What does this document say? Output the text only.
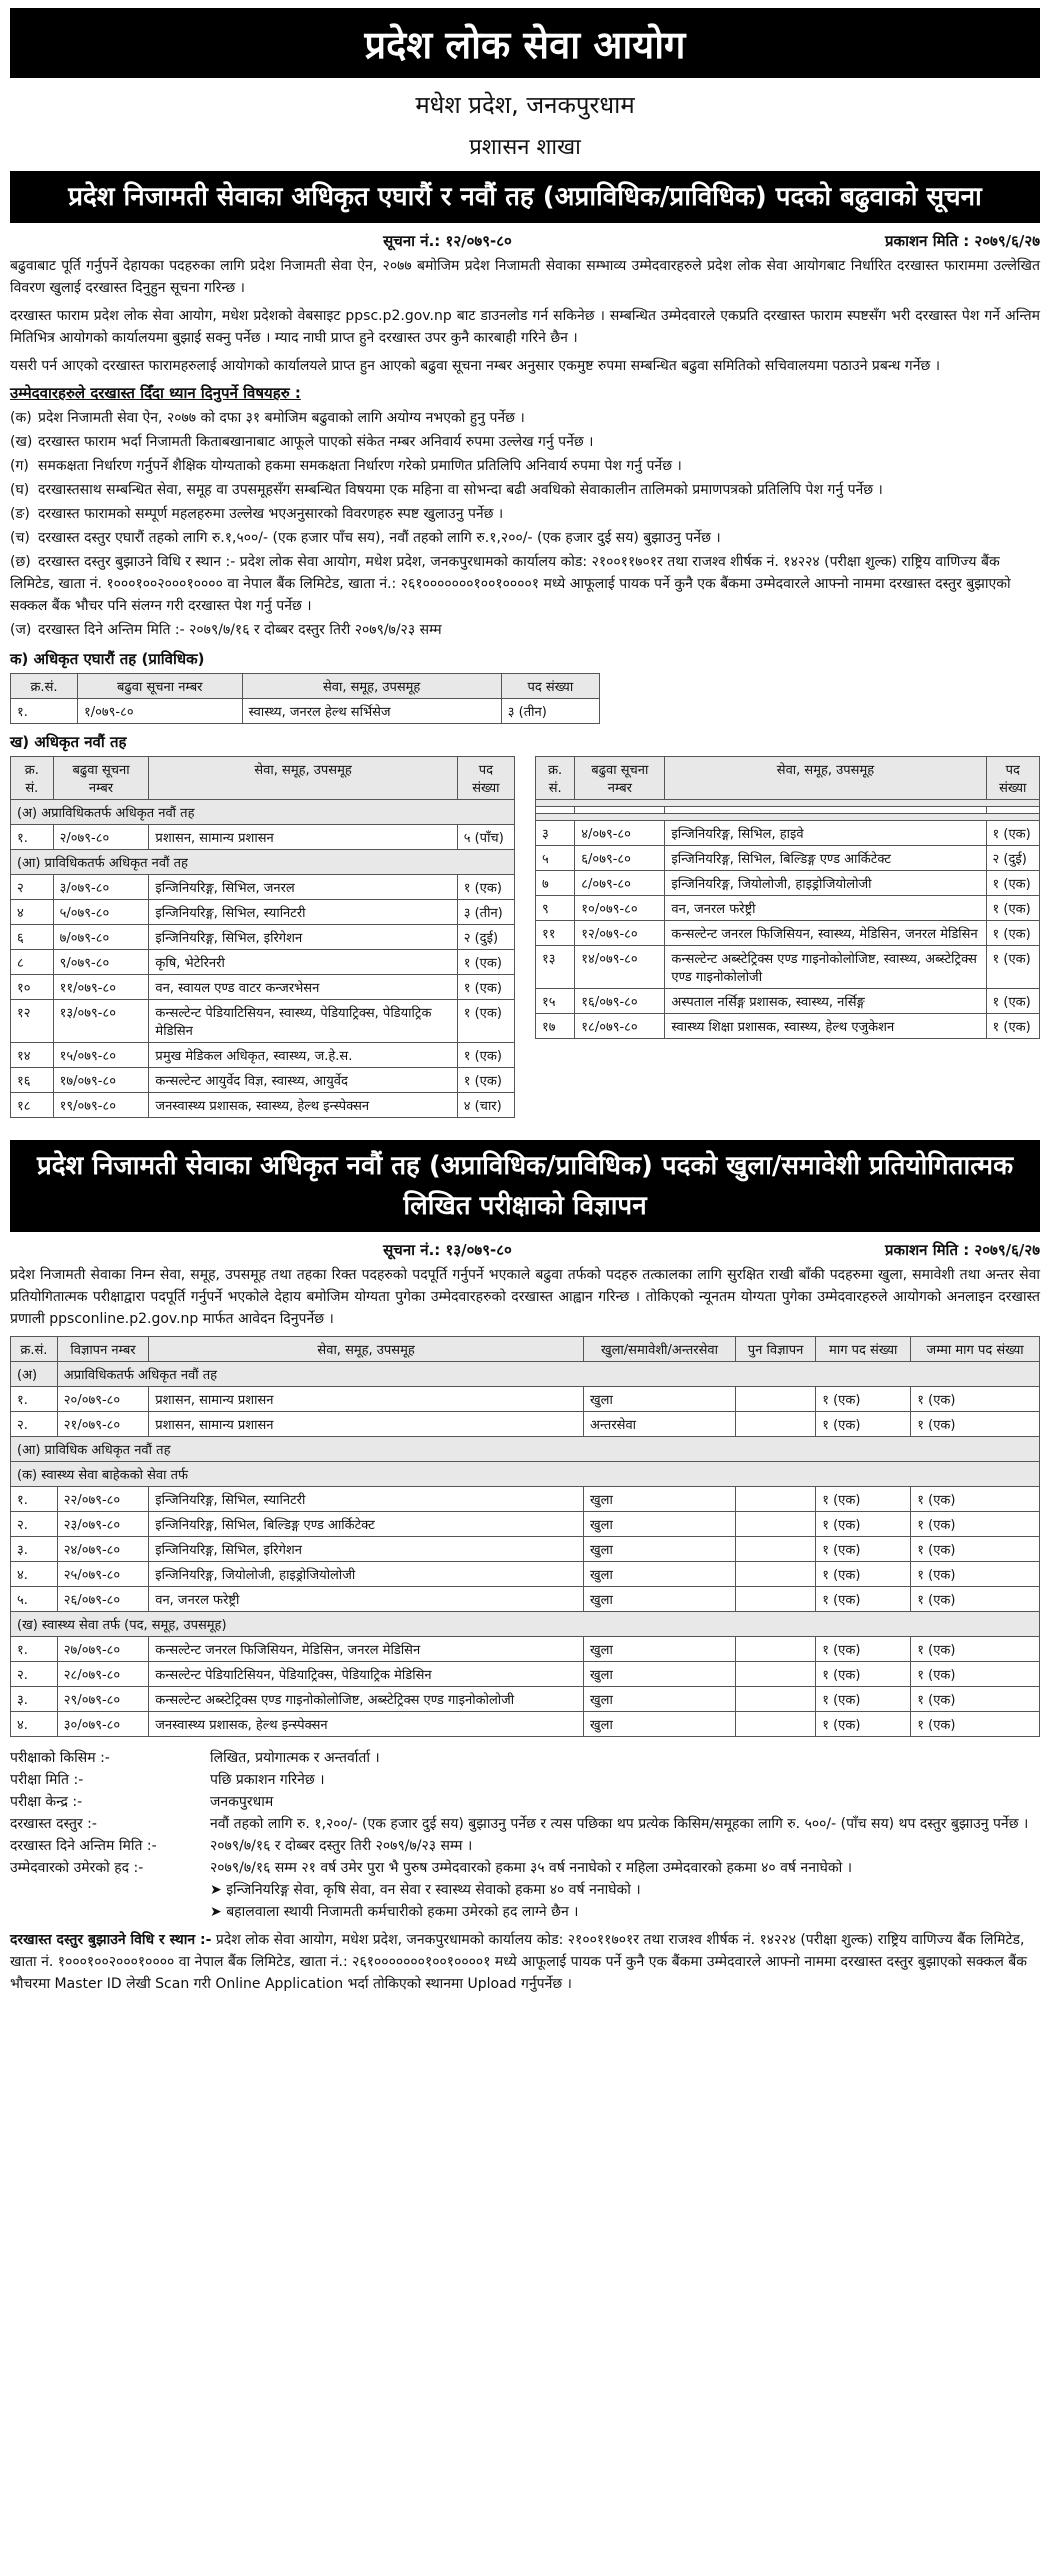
प्रदेश लोक सेवा आयोग
मधेश प्रदेश, जनकपुरधाम
प्रशासन शाखा
प्रदेश निजामती सेवाका अधिकृत एघारौं र नवौं तह (अप्राविधिक/प्राविधिक) पदको बढुवाको सूचना
सूचना नं.: १२/०७९-८०	प्रकाशन मिति : २०७९/६/२७

बढुवाबाट पूर्ति गर्नुपर्ने देहायका पदहरुका लागि प्रदेश निजामती सेवा ऐन, २०७७ बमोजिम प्रदेश निजामती सेवाका सम्भाव्य उम्मेदवारहरुले प्रदेश लोक सेवा आयोगबाट निर्धारित दरखास्त फाराममा उल्लेखित विवरण खुलाई दरखास्त दिनुहुन सूचना गरिन्छ ।

दरखास्त फाराम प्रदेश लोक सेवा आयोग, मधेश प्रदेशको वेबसाइट ppsc.p2.gov.np बाट डाउनलोड गर्न सकिनेछ । सम्बन्धित उम्मेदवारले एकप्रति दरखास्त फाराम स्पष्टसँग भरी दरखास्त पेश गर्ने अन्तिम मितिभित्र आयोगको कार्यालयमा बुझाई सक्नु पर्नेछ । म्याद नाघी प्राप्त हुने दरखास्त उपर कुनै कारबाही गरिने छैन ।

यसरी पर्न आएको दरखास्त फारामहरुलाई आयोगको कार्यालयले प्राप्त हुन आएको बढुवा सूचना नम्बर अनुसार एकमुष्ट रुपमा सम्बन्धित बढुवा समितिको सचिवालयमा पठाउने प्रबन्ध गर्नेछ ।

उम्मेदवारहरुले दरखास्त दिँदा ध्यान दिनुपर्ने विषयहरु :
(क) प्रदेश निजामती सेवा ऐन, २०७७ को दफा ३१ बमोजिम बढुवाको लागि अयोग्य नभएको हुनु पर्नेछ ।
(ख) दरखास्त फाराम भर्दा निजामती किताबखानाबाट आफूले पाएको संकेत नम्बर अनिवार्य रुपमा उल्लेख गर्नु पर्नेछ ।
(ग) समकक्षता निर्धारण गर्नुपर्ने शैक्षिक योग्यताको हकमा समकक्षता निर्धारण गरेको प्रमाणित प्रतिलिपि अनिवार्य रुपमा पेश गर्नु पर्नेछ ।
(घ) दरखास्तसाथ सम्बन्धित सेवा, समूह वा उपसमूहसँग सम्बन्धित विषयमा एक महिना वा सोभन्दा बढी अवधिको सेवाकालीन तालिमको प्रमाणपत्रको प्रतिलिपि पेश गर्नु पर्नेछ ।
(ङ) दरखास्त फारामको सम्पूर्ण महलहरुमा उल्लेख भएअनुसारको विवरणहरु स्पष्ट खुलाउनु पर्नेछ ।
(च) दरखास्त दस्तुर एघारौं तहको लागि रु.१,५००/- (एक हजार पाँच सय), नवौं तहको लागि रु.१,२००/- (एक हजार दुई सय) बुझाउनु पर्नेछ ।
(छ) दरखास्त दस्तुर बुझाउने विधि र स्थान :- प्रदेश लोक सेवा आयोग, मधेश प्रदेश, जनकपुरधामको कार्यालय कोड: २१००११७०१र तथा राजश्व शीर्षक नं. १४२२४ (परीक्षा शुल्क) राष्ट्रिय वाणिज्य बैंक लिमिटेड, खाता नं. १०००१००२०००१०००० वा नेपाल बैंक लिमिटेड, खाता नं.: २६१०००००००१००१००००१ मध्ये आफूलाई पायक पर्ने कुनै एक बैंकमा उम्मेदवारले आफ्नो नाममा दरखास्त दस्तुर बुझाएको सक्कल बैंक भौचर पनि संलग्न गरी दरखास्त पेश गर्नु पर्नेछ ।
(ज) दरखास्त दिने अन्तिम मिति :- २०७९/७/१६ र दोब्बर दस्तुर तिरी २०७९/७/२३ सम्म
क) अधिकृत एघारौं तह (प्राविधिक)
क्र.सं.	बढुवा सूचना नम्बर	सेवा, समूह, उपसमूह	पद संख्या
१.	१/०७९-८०	स्वास्थ्य, जनरल हेल्थ सर्भिसेज	३ (तीन)
ख) अधिकृत नवौं तह
क्र. सं.	बढुवा सूचना नम्बर	सेवा, समूह, उपसमूह	पद संख्या
(अ) अप्राविधिकतर्फ अधिकृत नवौं तह			
१.	२/०७९-८०	प्रशासन, सामान्य प्रशासन	५ (पाँच)
(आ) प्राविधिकतर्फ अधिकृत नवौं तह			
२	३/०७९-८०	इन्जिनियरिङ्ग, सिभिल, जनरल	१ (एक)
४	५/०७९-८०	इन्जिनियरिङ्ग, सिभिल, स्यानिटरी	३ (तीन)
६	७/०७९-८०	इन्जिनियरिङ्ग, सिभिल, इरिगेशन	२ (दुई)
८	९/०७९-८०	कृषि, भेटेरिनरी	१ (एक)
१०	११/०७९-८०	वन, स्वायल एण्ड वाटर कन्जरभेसन	१ (एक)
१२	१३/०७९-८०	कन्सल्टेन्ट पेडियाटिसियन, स्वास्थ्य, पेडियाट्रिक्स, पेडियाट्रिक मेडिसिन	१ (एक)
१४	१५/०७९-८०	प्रमुख मेडिकल अधिकृत, स्वास्थ्य, ज.हे.स.	१ (एक)
१६	१७/०७९-८०	कन्सल्टेन्ट आयुर्वेद विज्ञ, स्वास्थ्य, आयुर्वेद	१ (एक)
१८	१९/०७९-८०	जनस्वास्थ्य प्रशासक, स्वास्थ्य, हेल्थ इन्स्पेक्सन	४ (चार)
क्र. सं.	बढुवा सूचना नम्बर	सेवा, समूह, उपसमूह	पद संख्या

३	४/०७९-८०	इन्जिनियरिङ्ग, सिभिल, हाइवे	१ (एक)
५	६/०७९-८०	इन्जिनियरिङ्ग, सिभिल, बिल्डिङ्ग एण्ड आर्किटेक्ट	२ (दुई)
७	८/०७९-८०	इन्जिनियरिङ्ग, जियोलोजी, हाइड्रोजियोलोजी	१ (एक)
९	१०/०७९-८०	वन, जनरल फरेष्ट्री	१ (एक)
११	१२/०७९-८०	कन्सल्टेन्ट जनरल फिजिसियन, स्वास्थ्य, मेडिसिन, जनरल मेडिसिन	१ (एक)
१३	१४/०७९-८०	कन्सल्टेन्ट अब्स्टेट्रिक्स एण्ड गाइनोकोलोजिष्ट, स्वास्थ्य, अब्स्टेट्रिक्स एण्ड गाइनोकोलोजी	१ (एक)
१५	१६/०७९-८०	अस्पताल नर्सिङ्ग प्रशासक, स्वास्थ्य, नर्सिङ्ग	१ (एक)
१७	१८/०७९-८०	स्वास्थ्य शिक्षा प्रशासक, स्वास्थ्य, हेल्थ एजुकेशन	१ (एक)
प्रदेश निजामती सेवाका अधिकृत नवौं तह (अप्राविधिक/प्राविधिक) पदको खुला/समावेशी प्रतियोगितात्मक लिखित परीक्षाको विज्ञापन
सूचना नं.: १३/०७९-८०	प्रकाशन मिति : २०७९/६/२७

प्रदेश निजामती सेवाका निम्न सेवा, समूह, उपसमूह तथा तहका रिक्त पदहरुको पदपूर्ति गर्नुपर्ने भएकाले बढुवा तर्फको पदहरु तत्कालका लागि सुरक्षित राखी बाँकी पदहरुमा खुला, समावेशी तथा अन्तर सेवा प्रतियोगितात्मक परीक्षाद्वारा पदपूर्ति गर्नुपर्ने भएकोले देहाय बमोजिम योग्यता पुगेका उम्मेदवारहरुको दरखास्त आह्वान गरिन्छ । तोकिएको न्यूनतम योग्यता पुगेका उम्मेदवारहरुले आयोगको अनलाइन दरखास्त प्रणाली ppsconline.p2.gov.np मार्फत आवेदन दिनुपर्नेछ ।

क्र.सं.	विज्ञापन नम्बर	सेवा, समूह, उपसमूह	खुला/समावेशी/अन्तरसेवा	पुन विज्ञापन	माग पद संख्या	जम्मा माग पद संख्या
(अ)	अप्राविधिकतर्फ अधिकृत नवौं तह					
१.	२०/०७९-८०	प्रशासन, सामान्य प्रशासन	खुला		१ (एक)	१ (एक)
२.	२१/०७९-८०	प्रशासन, सामान्य प्रशासन	अन्तरसेवा		१ (एक)	१ (एक)
(आ) प्राविधिक अधिकृत नवौं तह						
(क) स्वास्थ्य सेवा बाहेकको सेवा तर्फ						
१.	२२/०७९-८०	इन्जिनियरिङ्ग, सिभिल, स्यानिटरी	खुला		१ (एक)	१ (एक)
२.	२३/०७९-८०	इन्जिनियरिङ्ग, सिभिल, बिल्डिङ्ग एण्ड आर्किटेक्ट	खुला		१ (एक)	१ (एक)
३.	२४/०७९-८०	इन्जिनियरिङ्ग, सिभिल, इरिगेशन	खुला		१ (एक)	१ (एक)
४.	२५/०७९-८०	इन्जिनियरिङ्ग, जियोलोजी, हाइड्रोजियोलोजी	खुला		१ (एक)	१ (एक)
५.	२६/०७९-८०	वन, जनरल फरेष्ट्री	खुला		१ (एक)	१ (एक)
(ख) स्वास्थ्य सेवा तर्फ (पद, समूह, उपसमूह)						
१.	२७/०७९-८०	कन्सल्टेन्ट जनरल फिजिसियन, मेडिसिन, जनरल मेडिसिन	खुला		१ (एक)	१ (एक)
२.	२८/०७९-८०	कन्सल्टेन्ट पेडियाटिसियन, पेडियाट्रिक्स, पेडियाट्रिक मेडिसिन	खुला		१ (एक)	१ (एक)
३.	२९/०७९-८०	कन्सल्टेन्ट अब्स्टेट्रिक्स एण्ड गाइनोकोलोजिष्ट, अब्स्टेट्रिक्स एण्ड गाइनोकोलोजी	खुला		१ (एक)	१ (एक)
४.	३०/०७९-८०	जनस्वास्थ्य प्रशासक, हेल्थ इन्स्पेक्सन	खुला		१ (एक)	१ (एक)
परीक्षाको किसिम :-	लिखित, प्रयोगात्मक र अन्तर्वार्ता ।
परीक्षा मिति :-	पछि प्रकाशन गरिनेछ ।
परीक्षा केन्द्र :-	जनकपुरधाम
दरखास्त दस्तुर :-	नवौं तहको लागि रु. १,२००/- (एक हजार दुई सय) बुझाउनु पर्नेछ र त्यस पछिका थप प्रत्येक किसिम/समूहका लागि रु. ५००/- (पाँच सय) थप दस्तुर बुझाउनु पर्नेछ ।
दरखास्त दिने अन्तिम मिति :-	२०७९/७/१६ र दोब्बर दस्तुर तिरी २०७९/७/२३ सम्म ।
उम्मेदवारको उमेरको हद :-	२०७९/७/१६ सम्म २१ वर्ष उमेर पुरा भै पुरुष उम्मेदवारको हकमा ३५ वर्ष ननाघेको र महिला उम्मेदवारको हकमा ४० वर्ष ननाघेको ।
➤ इन्जिनियरिङ्ग सेवा, कृषि सेवा, वन सेवा र स्वास्थ्य सेवाको हकमा ४० वर्ष ननाघेको ।
➤ बहालवाला स्थायी निजामती कर्मचारीको हकमा उमेरको हद लाग्ने छैन ।
दरखास्त दस्तुर बुझाउने विधि र स्थान :- प्रदेश लोक सेवा आयोग, मधेश प्रदेश, जनकपुरधामको कार्यालय कोड: २१००११७०१र तथा राजश्व शीर्षक नं. १४२२४ (परीक्षा शुल्क) राष्ट्रिय वाणिज्य बैंक लिमिटेड, खाता नं. १०००१००२०००१०००० वा नेपाल बैंक लिमिटेड, खाता नं.: २६१०००००००१००१००००१ मध्ये आफूलाई पायक पर्ने कुनै एक बैंकमा उम्मेदवारले आफ्नो नाममा दरखास्त दस्तुर बुझाएको सक्कल बैंक भौचरमा Master ID लेखी Scan गरी Online Application भर्दा तोकिएको स्थानमा Upload गर्नुपर्नेछ ।
